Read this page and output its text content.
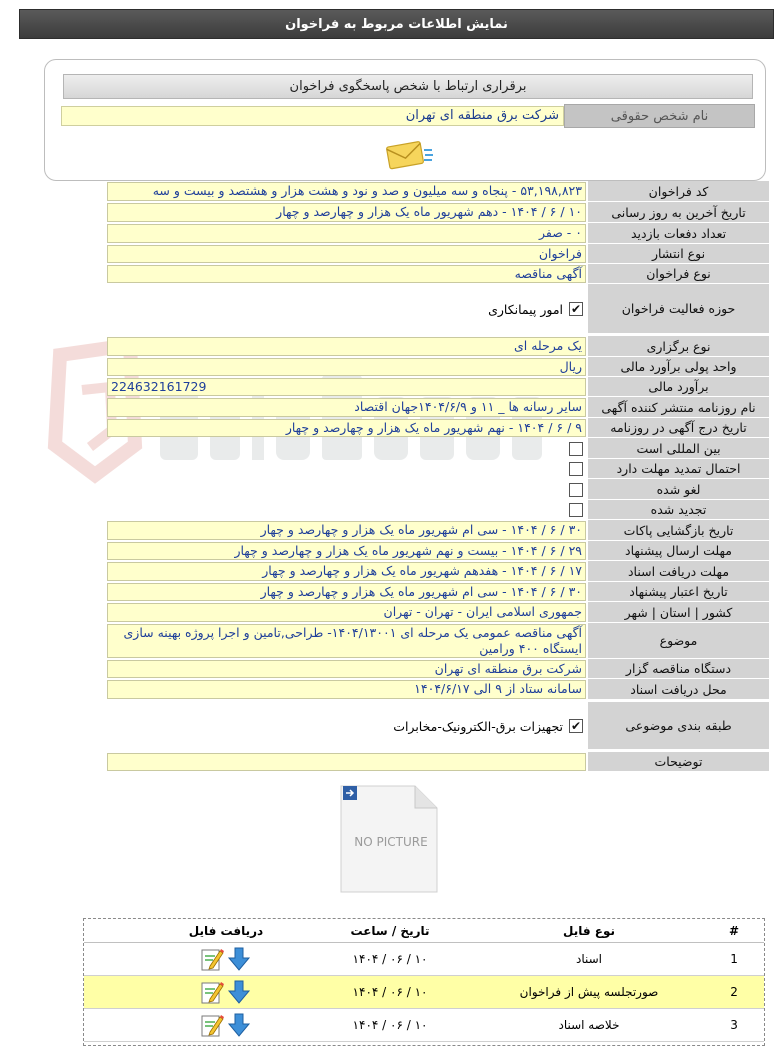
نمایش اطلاعات مربوط به فراخوان
برقراری ارتباط با شخص پاسخگوی فراخوان
نام شخص حقوقی
شرکت برق منطقه ای تهران
کد فراخوان
۵۳,۱۹۸,۸۲۳ - پنجاه و سه میلیون و صد و نود و هشت هزار و هشتصد و بیست و سه
تاریخ آخرین به روز رسانی
۱۰ / ۶ / ۱۴۰۴ - دهم شهریور ماه یک هزار و چهارصد و چهار
تعداد دفعات بازدید
۰ - صفر
نوع انتشار
فراخوان
نوع فراخوان
آگهی مناقصه
حوزه فعالیت فراخوان
✔
امور پیمانکاری
نوع برگزاری
یک مرحله ای
واحد پولی برآورد مالی
ریال
برآورد مالی
224632161729
نام روزنامه منتشر کننده آگهی
سایر رسانه ها _ ۱۱ و ۱۴۰۴/۶/۹جهان اقتصاد
تاریخ درج آگهی در روزنامه
۹ / ۶ / ۱۴۰۴ - نهم شهریور ماه یک هزار و چهارصد و چهار
بین المللی است
احتمال تمدید مهلت دارد
لغو شده
تجدید شده
تاریخ بازگشایی پاکات
۳۰ / ۶ / ۱۴۰۴ - سی ام شهریور ماه یک هزار و چهارصد و چهار
مهلت ارسال پیشنهاد
۲۹ / ۶ / ۱۴۰۴ - بیست و نهم شهریور ماه یک هزار و چهارصد و چهار
مهلت دریافت اسناد
۱۷ / ۶ / ۱۴۰۴ - هفدهم شهریور ماه یک هزار و چهارصد و چهار
تاریخ اعتبار پیشنهاد
۳۰ / ۶ / ۱۴۰۴ - سی ام شهریور ماه یک هزار و چهارصد و چهار
کشور | استان | شهر
جمهوری اسلامی ایران - تهران - تهران
موضوع
آگهی مناقصه عمومی یک مرحله ای ۱۴۰۴/۱۳۰۰۱- طراحی,تامین و اجرا پروژه بهینه سازی ایستگاه ۴۰۰ ورامین
دستگاه مناقصه گزار
شرکت برق منطقه ای تهران
محل دریافت اسناد
سامانه ستاد از ۹ الی ۱۴۰۴/۶/۱۷
طبقه بندی موضوعی
✔
تجهیزات برق-الکترونیک-مخابرات
توضیحات
NO PICTURE
#
نوع فایل
تاریخ / ساعت
دریافت فایل
1
اسناد
۱۰ / ۰۶ / ۱۴۰۴
2
صورتجلسه پیش از فراخوان
۱۰ / ۰۶ / ۱۴۰۴
3
خلاصه اسناد
۱۰ / ۰۶ / ۱۴۰۴
